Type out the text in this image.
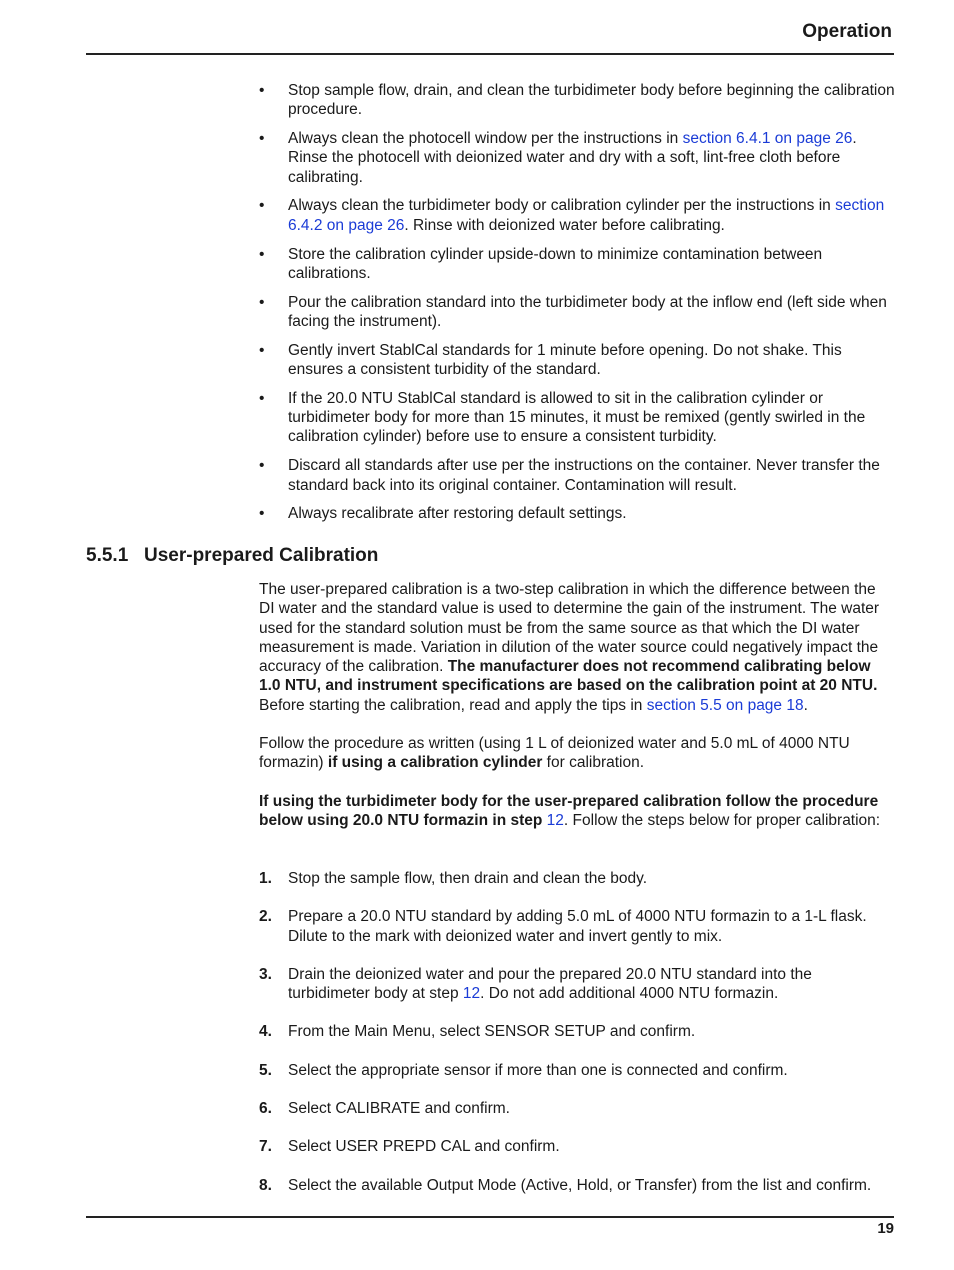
Operation
• Stop sample flow, drain, and clean the turbidimeter body before beginning the calibration procedure.
• Always clean the photocell window per the instructions in section 6.4.1 on page 26. Rinse the photocell with deionized water and dry with a soft, lint-free cloth before calibrating.
• Always clean the turbidimeter body or calibration cylinder per the instructions in section 6.4.2 on page 26. Rinse with deionized water before calibrating.
• Store the calibration cylinder upside-down to minimize contamination between calibrations.
• Pour the calibration standard into the turbidimeter body at the inflow end (left side when facing the instrument).
• Gently invert StablCal standards for 1 minute before opening. Do not shake. This ensures a consistent turbidity of the standard.
• If the 20.0 NTU StablCal standard is allowed to sit in the calibration cylinder or turbidimeter body for more than 15 minutes, it must be remixed (gently swirled in the calibration cylinder) before use to ensure a consistent turbidity.
• Discard all standards after use per the instructions on the container. Never transfer the standard back into its original container. Contamination will result.
• Always recalibrate after restoring default settings.
5.5.1 User-prepared Calibration
The user-prepared calibration is a two-step calibration in which the difference between the DI water and the standard value is used to determine the gain of the instrument. The water used for the standard solution must be from the same source as that which the DI water measurement is made. Variation in dilution of the water source could negatively impact the accuracy of the calibration. The manufacturer does not recommend calibrating below 1.0 NTU, and instrument specifications are based on the calibration point at 20 NTU. Before starting the calibration, read and apply the tips in section 5.5 on page 18.
Follow the procedure as written (using 1 L of deionized water and 5.0 mL of 4000 NTU formazin) if using a calibration cylinder for calibration.
If using the turbidimeter body for the user-prepared calibration follow the procedure below using 20.0 NTU formazin in step 12. Follow the steps below for proper calibration:
1. Stop the sample flow, then drain and clean the body.
2. Prepare a 20.0 NTU standard by adding 5.0 mL of 4000 NTU formazin to a 1-L flask. Dilute to the mark with deionized water and invert gently to mix.
3. Drain the deionized water and pour the prepared 20.0 NTU standard into the turbidimeter body at step 12. Do not add additional 4000 NTU formazin.
4. From the Main Menu, select SENSOR SETUP and confirm.
5. Select the appropriate sensor if more than one is connected and confirm.
6. Select CALIBRATE and confirm.
7. Select USER PREPD CAL and confirm.
8. Select the available Output Mode (Active, Hold, or Transfer) from the list and confirm.
19
